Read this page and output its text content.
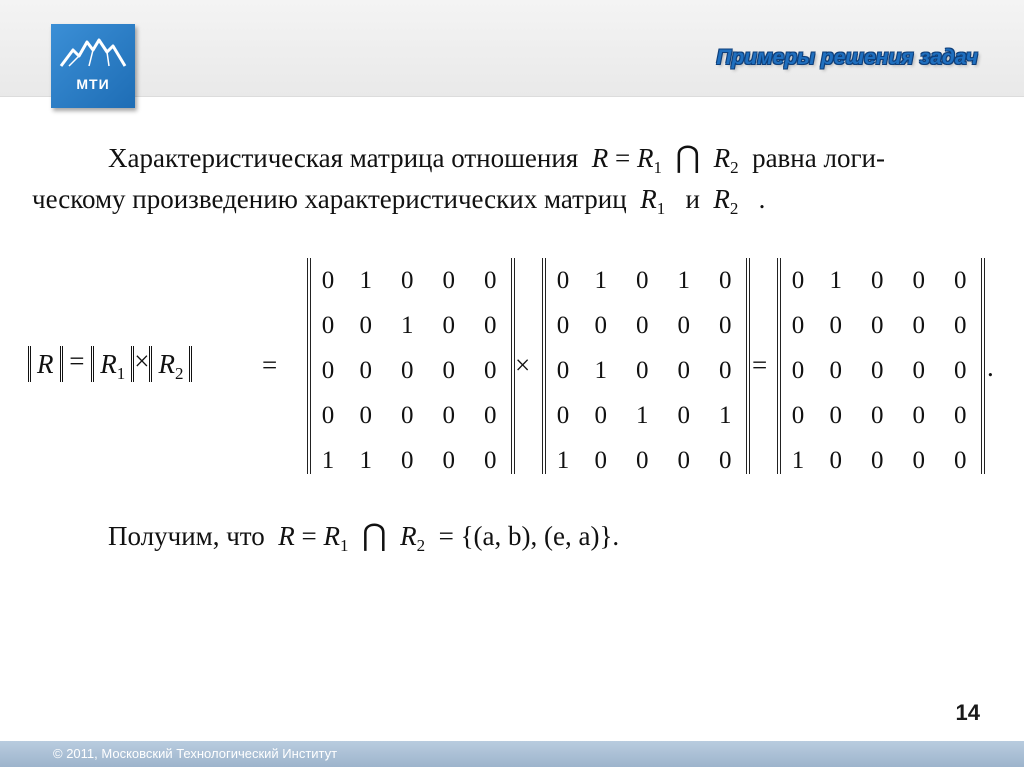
МТИ
Примеры решения задач
Характеристическая матрица отношения $R = R_1$ ⋂ $R_2$ равна логи-
ческому произведению характеристических матриц $R_1$ и $R_2$ .
$R = R_1 \times R_2$	=
0	1	0	0	0
0	0	1	0	0
0	0	0	0	0
0	0	0	0	0
1	1	0	0	0
×
0	1	0	1	0
0	0	0	0	0
0	1	0	0	0
0	0	1	0	1
1	0	0	0	0
=
0	1	0	0	0
0	0	0	0	0
0	0	0	0	0
0	0	0	0	0
1	0	0	0	0
.
Получим, что $R = R_1$ ⋂ $R_2 = \{(a$, b), (e, a)}.
14
© 2011, Московский Технологический Институт
